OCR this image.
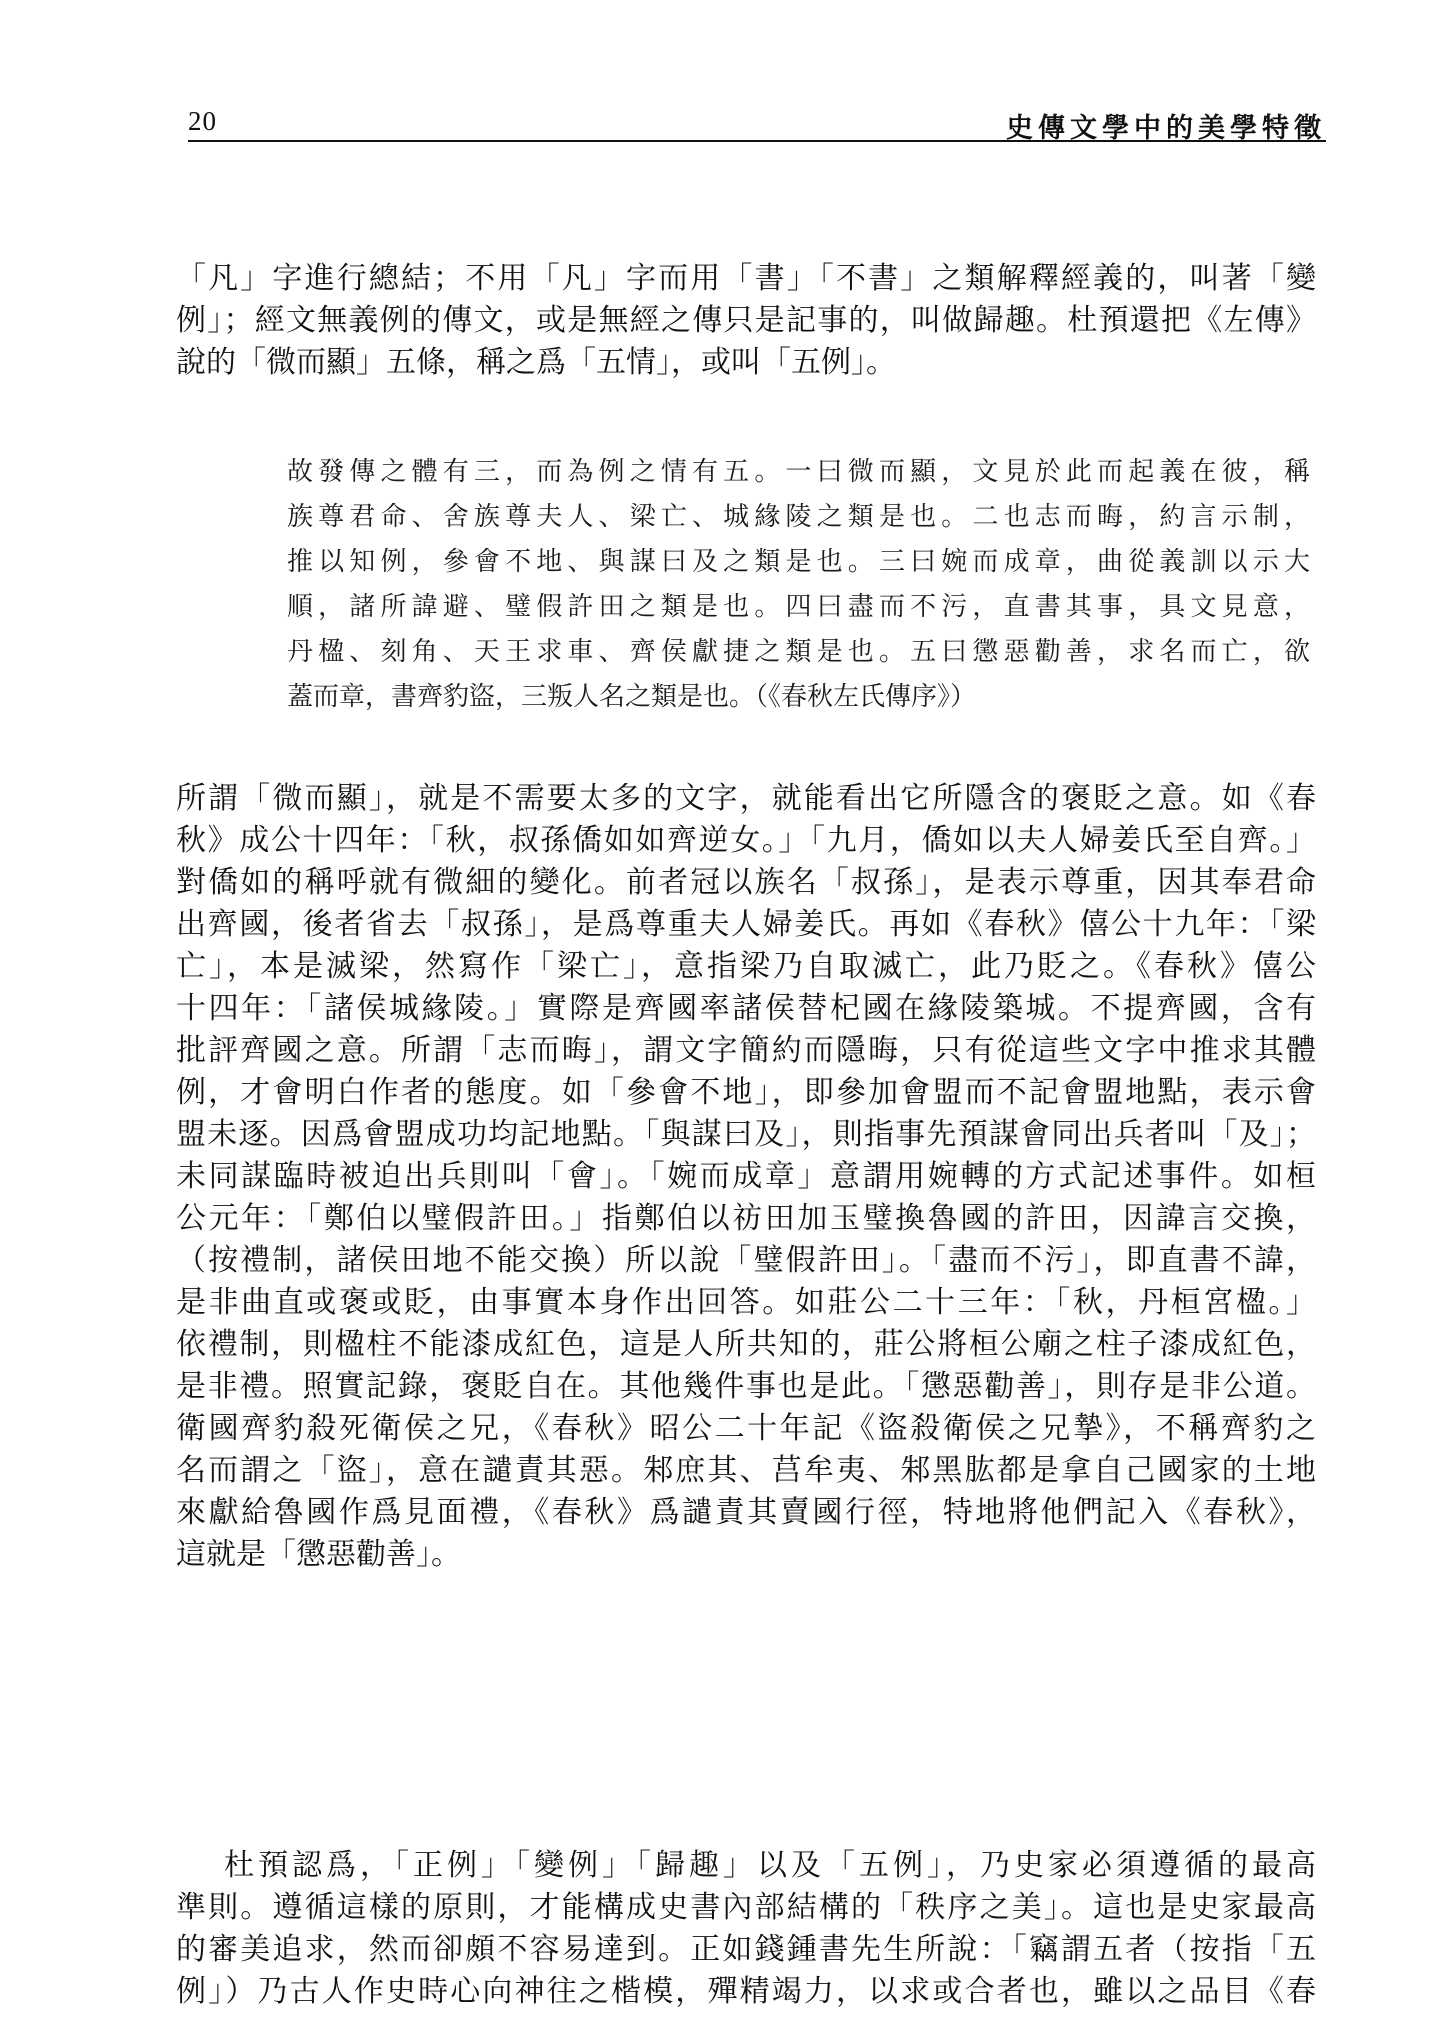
20	史傳文學中的美學特徵
「凡」字進行總結；不用「凡」字而用「書」「不書」之類解釋經義的，叫著「變
例」；經文無義例的傳文，或是無經之傳只是記事的，叫做歸趣。杜預還把《左傳》
說的「微而顯」五條，稱之爲「五情」，或叫「五例」。
故發傳之體有三，而為例之情有五。一曰微而顯，文見於此而起義在彼，稱
族尊君命、舍族尊夫人、梁亡、城緣陵之類是也。二也志而晦，約言示制，
推以知例，參會不地、與謀曰及之類是也。三曰婉而成章，曲從義訓以示大
順，諸所諱避、璧假許田之類是也。四曰盡而不污，直書其事，具文見意，
丹楹、刻角、天王求車、齊侯獻捷之類是也。五曰懲惡勸善，求名而亡，欲
蓋而章，書齊豹盜，三叛人名之類是也。（《春秋左氏傳序》）
所謂「微而顯」，就是不需要太多的文字，就能看出它所隱含的褒貶之意。如《春
秋》成公十四年：「秋，叔孫僑如如齊逆女。」「九月，僑如以夫人婦姜氏至自齊。」
對僑如的稱呼就有微細的變化。前者冠以族名「叔孫」，是表示尊重，因其奉君命
出齊國，後者省去「叔孫」，是爲尊重夫人婦姜氏。再如《春秋》僖公十九年：「梁
亡」，本是滅梁，然寫作「梁亡」，意指梁乃自取滅亡，此乃貶之。《春秋》僖公
十四年：「諸侯城緣陵。」實際是齊國率諸侯替杞國在緣陵築城。不提齊國，含有
批評齊國之意。所謂「志而晦」，謂文字簡約而隱晦，只有從這些文字中推求其體
例，才會明白作者的態度。如「參會不地」，即參加會盟而不記會盟地點，表示會
盟未逐。因爲會盟成功均記地點。「與謀曰及」，則指事先預謀會同出兵者叫「及」；
未同謀臨時被迫出兵則叫「會」。「婉而成章」意謂用婉轉的方式記述事件。如桓
公元年：「鄭伯以璧假許田。」指鄭伯以祊田加玉璧換魯國的許田，因諱言交換，
（按禮制，諸侯田地不能交換）所以說「璧假許田」。「盡而不污」，即直書不諱，
是非曲直或褒或貶，由事實本身作出回答。如莊公二十三年：「秋，丹桓宮楹。」
依禮制，則楹柱不能漆成紅色，這是人所共知的，莊公將桓公廟之柱子漆成紅色，
是非禮。照實記錄，褒貶自在。其他幾件事也是此。「懲惡勸善」，則存是非公道。
衛國齊豹殺死衛侯之兄，《春秋》昭公二十年記《盜殺衛侯之兄摯》，不稱齊豹之
名而謂之「盜」，意在譴責其惡。邾庶其、莒牟夷、邾黑肱都是拿自己國家的土地
來獻給魯國作爲見面禮，《春秋》爲譴責其賣國行徑，特地將他們記入《春秋》，
這就是「懲惡勸善」。
杜預認爲，「正例」「變例」「歸趣」以及「五例」，乃史家必須遵循的最高
準則。遵循這樣的原則，才能構成史書內部結構的「秩序之美」。這也是史家最高
的審美追求，然而卻頗不容易達到。正如錢鍾書先生所說：「竊謂五者（按指「五
例」）乃古人作史時心向神往之楷模，殫精竭力，以求或合者也，雖以之品目《春
